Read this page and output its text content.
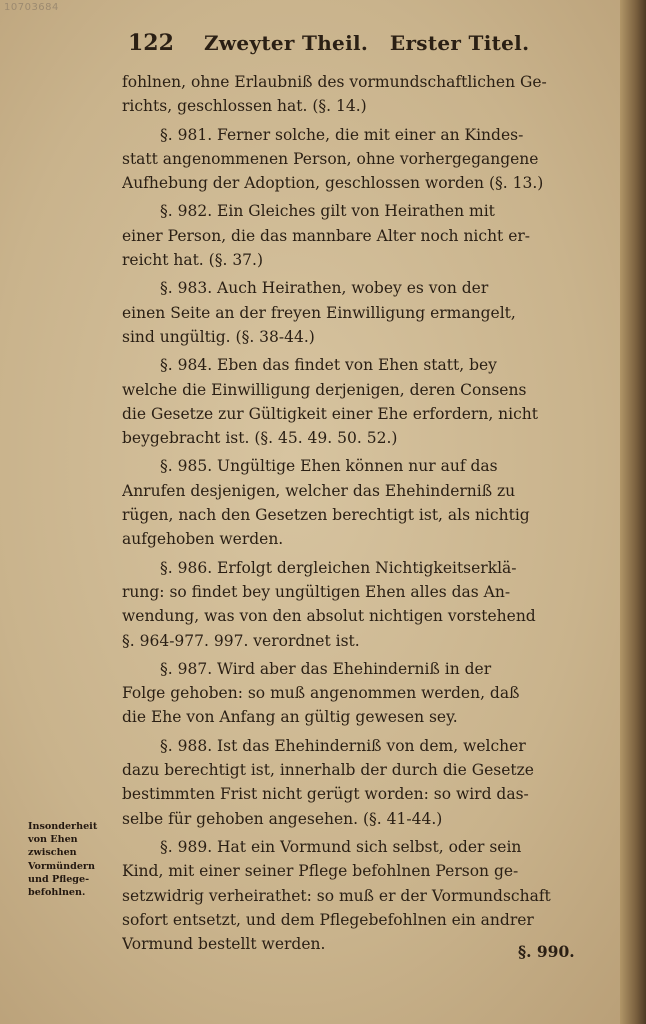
10703684
122 Zweyter Theil.   Erster Titel.

fohlnen, ohne Erlaubniß des vormundschaftlichen Ge-
richts, geschlossen hat. (§. 14.)

§. 981. Ferner solche, die mit einer an Kindes-
statt angenommenen Person, ohne vorhergegangene
Aufhebung der Adoption, geschlossen worden (§. 13.)

§. 982. Ein Gleiches gilt von Heirathen mit
einer Person, die das mannbare Alter noch nicht er-
reicht hat. (§. 37.)

§. 983. Auch Heirathen, wobey es von der
einen Seite an der freyen Einwilligung ermangelt,
sind ungültig. (§. 38-44.)

§. 984. Eben das findet von Ehen statt, bey
welche die Einwilligung derjenigen, deren Consens
die Gesetze zur Gültigkeit einer Ehe erfordern, nicht
beygebracht ist. (§. 45. 49. 50. 52.)

§. 985. Ungültige Ehen können nur auf das
Anrufen desjenigen, welcher das Ehehinderniß zu
rügen, nach den Gesetzen berechtigt ist, als nichtig
aufgehoben werden.

§. 986. Erfolgt dergleichen Nichtigkeitserklä-
rung: so findet bey ungültigen Ehen alles das An-
wendung, was von den absolut nichtigen vorstehend
§. 964-977. 997. verordnet ist.

§. 987. Wird aber das Ehehinderniß in der
Folge gehoben: so muß angenommen werden, daß
die Ehe von Anfang an gültig gewesen sey.

§. 988. Ist das Ehehinderniß von dem, welcher
dazu berechtigt ist, innerhalb der durch die Gesetze
bestimmten Frist nicht gerügt worden: so wird das-
selbe für gehoben angesehen. (§. 41-44.)

§. 989. Hat ein Vormund sich selbst, oder sein
Kind, mit einer seiner Pflege befohlnen Person ge-
setzwidrig verheirathet: so muß er der Vormundschaft
sofort entsetzt, und dem Pflegebefohlnen ein andrer
Vormund bestellt werden.

Insonderheit
von Ehen
zwischen
Vormündern
und Pflege-
befohlnen.
§. 990.
